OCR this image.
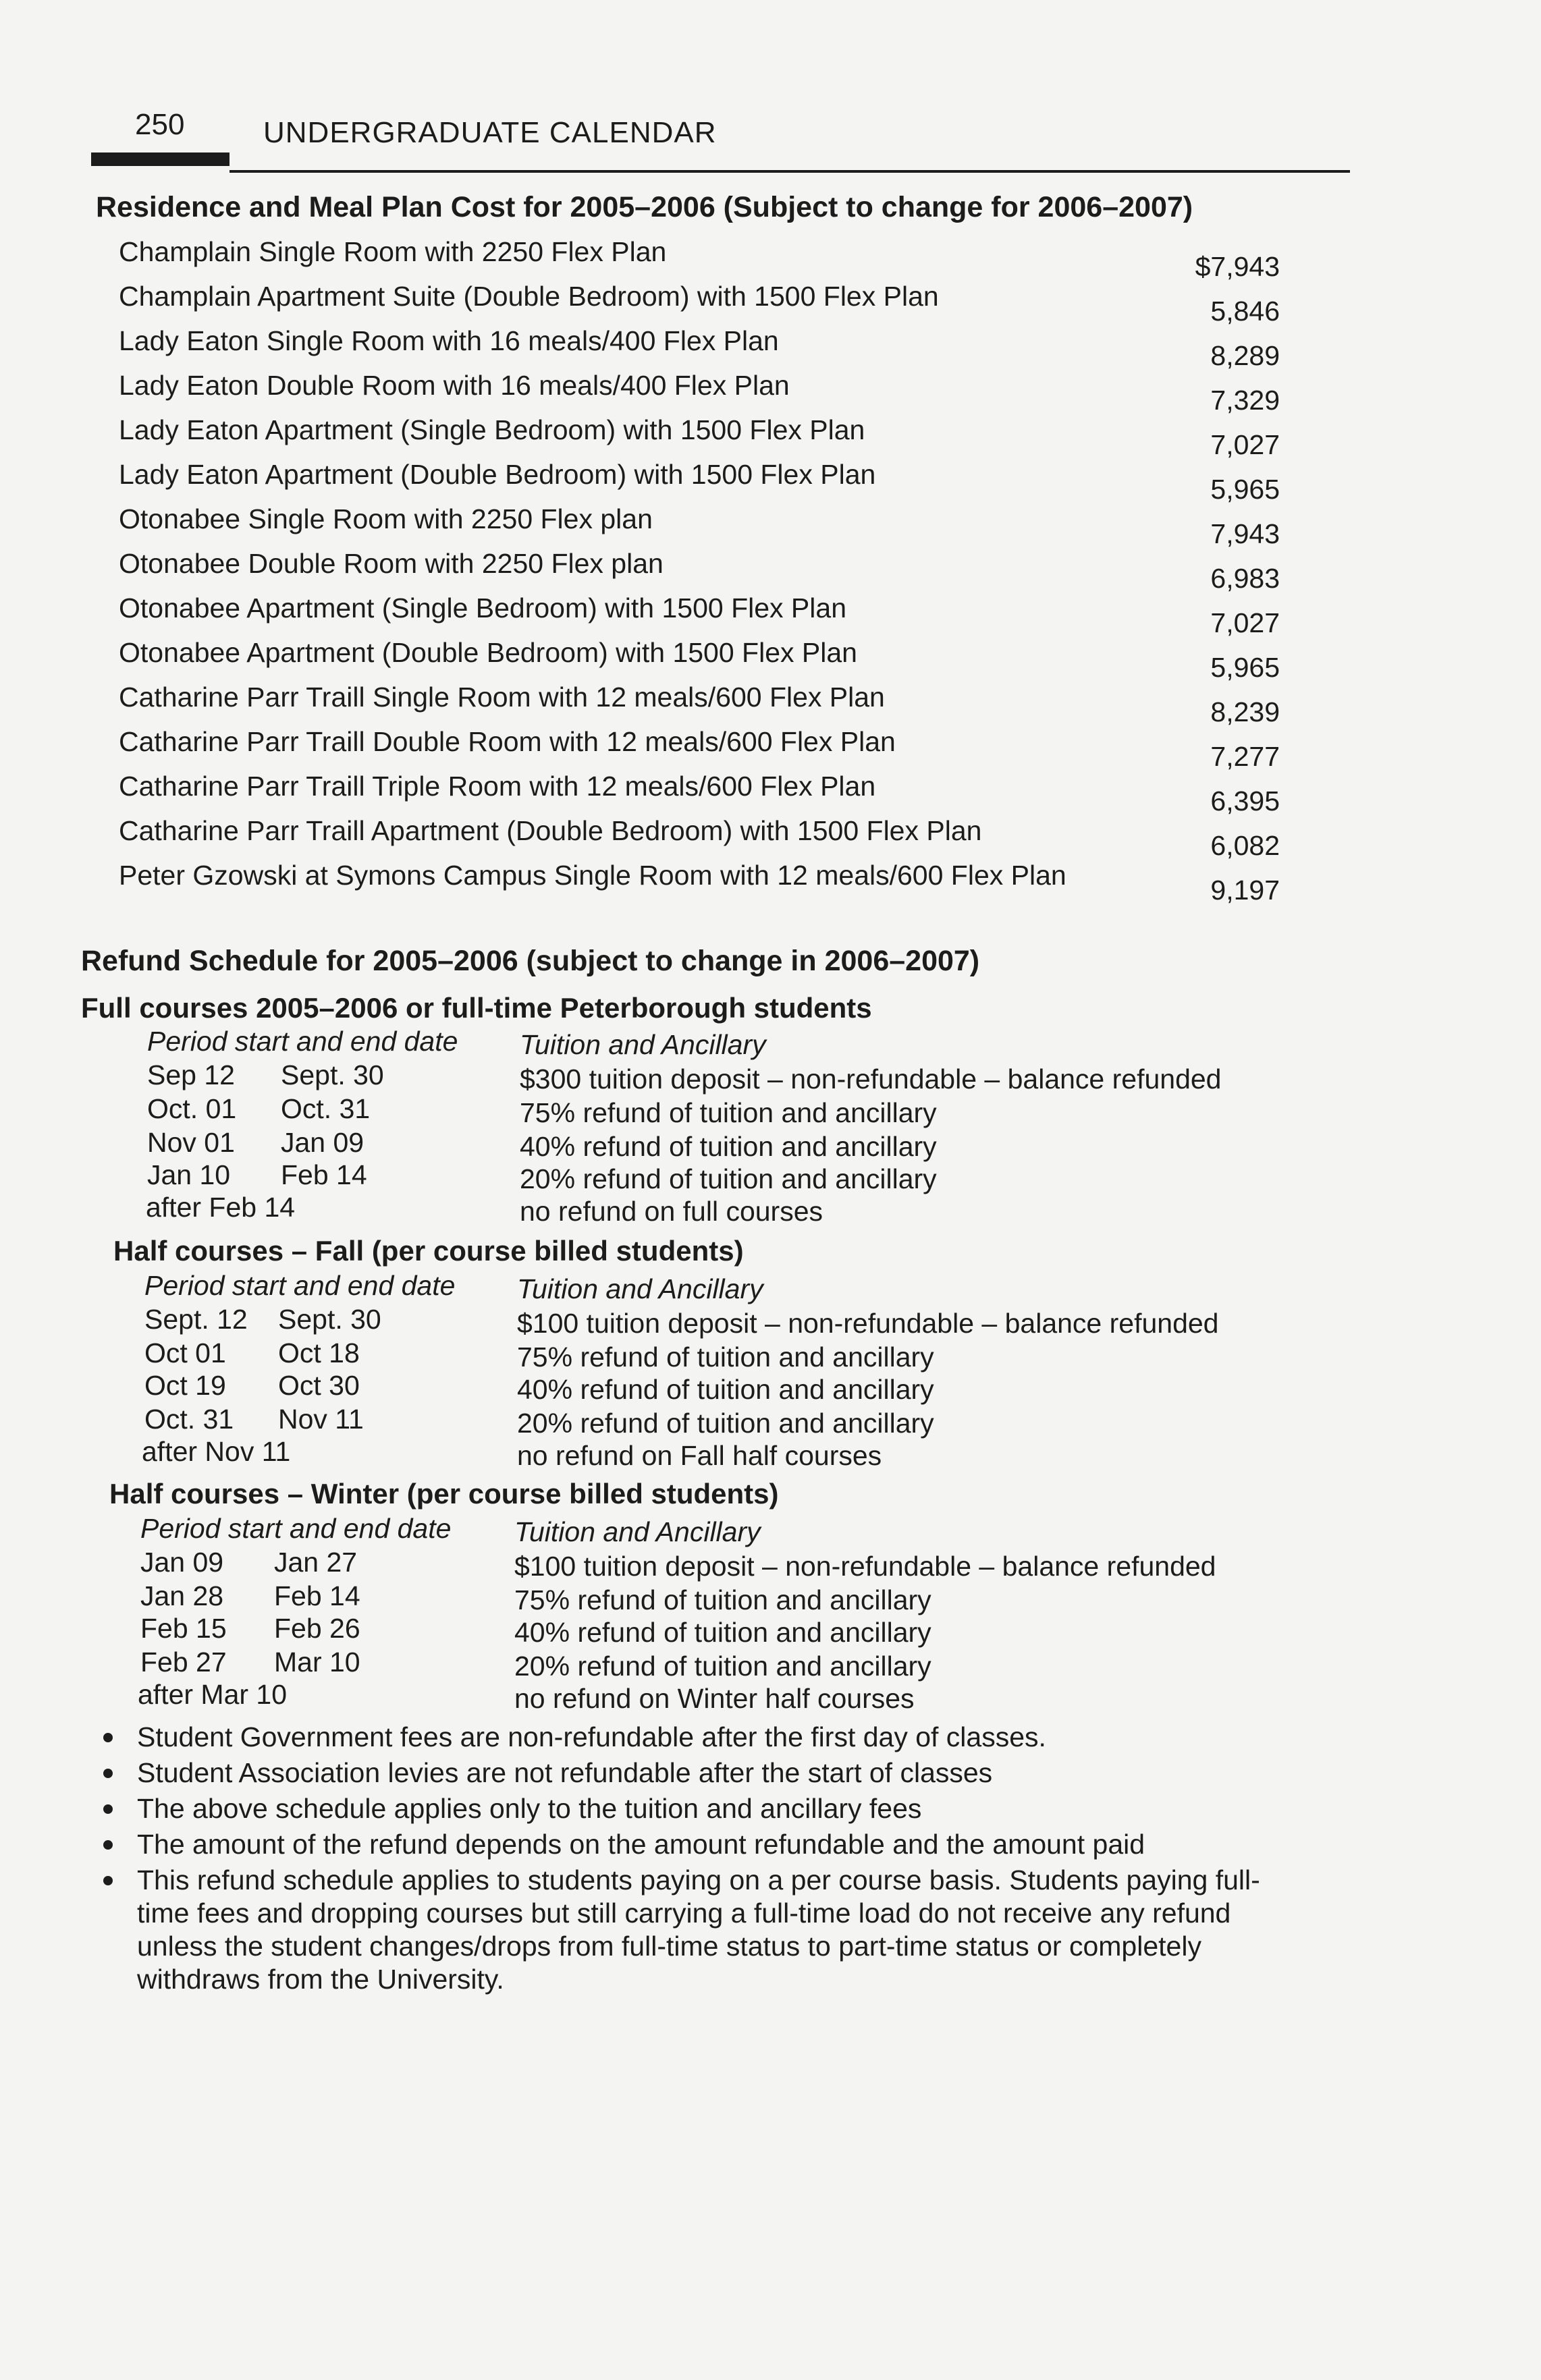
250	UNDERGRADUATE CALENDAR
Residence and Meal Plan Cost for 2005–2006 (Subject to change for 2006–2007)
Champlain Single Room with 2250 Flex Plan	$7,943
Champlain Apartment Suite (Double Bedroom) with 1500 Flex Plan	5,846
Lady Eaton Single Room with 16 meals/400 Flex Plan	8,289
Lady Eaton Double Room with 16 meals/400 Flex Plan	7,329
Lady Eaton Apartment (Single Bedroom) with 1500 Flex Plan	7,027
Lady Eaton Apartment (Double Bedroom) with 1500 Flex Plan	5,965
Otonabee Single Room with 2250 Flex plan	7,943
Otonabee Double Room with 2250 Flex plan	6,983
Otonabee Apartment (Single Bedroom) with 1500 Flex Plan	7,027
Otonabee Apartment (Double Bedroom) with 1500 Flex Plan	5,965
Catharine Parr Traill Single Room with 12 meals/600 Flex Plan	8,239
Catharine Parr Traill Double Room with 12 meals/600 Flex Plan	7,277
Catharine Parr Traill Triple Room with 12 meals/600 Flex Plan	6,395
Catharine Parr Traill Apartment (Double Bedroom) with 1500 Flex Plan	6,082
Peter Gzowski at Symons Campus Single Room with 12 meals/600 Flex Plan	9,197
Refund Schedule for 2005–2006 (subject to change in 2006–2007)
Full courses 2005–2006 or full-time Peterborough students
Period start and end date Tuition and Ancillary
Sep 12 Sept. 30	$300 tuition deposit – non-refundable – balance refunded
Oct. 01 Oct. 31	75% refund of tuition and ancillary
Nov 01 Jan 09	40% refund of tuition and ancillary
Jan 10 Feb 14	20% refund of tuition and ancillary
after Feb 14	no refund on full courses
Half courses – Fall (per course billed students)
Period start and end date Tuition and Ancillary
Sept. 12 Sept. 30	$100 tuition deposit – non-refundable – balance refunded
Oct 01 Oct 18	75% refund of tuition and ancillary
Oct 19 Oct 30	40% refund of tuition and ancillary
Oct. 31 Nov 11	20% refund of tuition and ancillary
after Nov 11	no refund on Fall half courses
Half courses – Winter (per course billed students)
Period start and end date Tuition and Ancillary
Jan 09 Jan 27	$100 tuition deposit – non-refundable – balance refunded
Jan 28 Feb 14	75% refund of tuition and ancillary
Feb 15 Feb 26	40% refund of tuition and ancillary
Feb 27 Mar 10	20% refund of tuition and ancillary
after Mar 10	no refund on Winter half courses
Student Government fees are non-refundable after the first day of classes.
Student Association levies are not refundable after the start of classes
The above schedule applies only to the tuition and ancillary fees
The amount of the refund depends on the amount refundable and the amount paid
This refund schedule applies to students paying on a per course basis. Students paying full-time fees and dropping courses but still carrying a full-time load do not receive any refund unless the student changes/drops from full-time status to part-time status or completely withdraws from the University.
